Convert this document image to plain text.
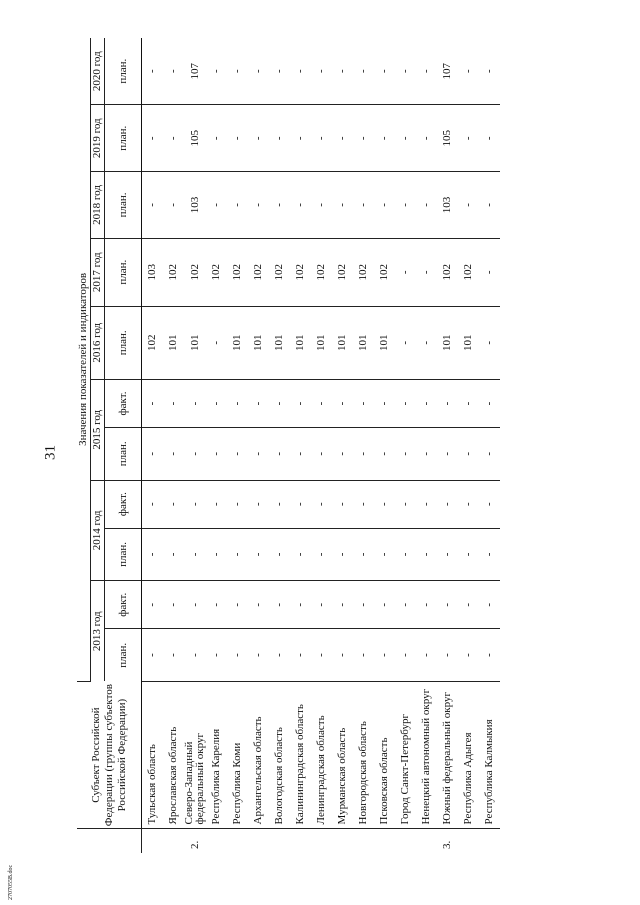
31
	Субъект Российской Федерации (группы субъектов Российской Федерации)	Значения показателей и индикаторов										
		2013 год		2014 год		2015 год		2016 год	2017 год	2018 год	2019 год	2020 год
		план.	факт.	план.	факт.	план.	факт.	план.	план.	план.	план.	план.
	Тульская область	-	-	-	-	-	-	102	103	-	-	-
	Ярославская область	-	-	-	-	-	-	101	102	-	-	-
2.	Северо-Западный федеральный округ	-	-	-	-	-	-	101	102	103	105	107
	Республика Карелия	-	-	-	-	-	-	-	102	-	-	-
	Республика Коми	-	-	-	-	-	-	101	102	-	-	-
	Архангельская область	-	-	-	-	-	-	101	102	-	-	-
	Вологодская область	-	-	-	-	-	-	101	102	-	-	-
	Калининградская область	-	-	-	-	-	-	101	102	-	-	-
	Ленинградская область	-	-	-	-	-	-	101	102	-	-	-
	Мурманская область	-	-	-	-	-	-	101	102	-	-	-
	Новгородская область	-	-	-	-	-	-	101	102	-	-	-
	Псковская область	-	-	-	-	-	-	101	102	-	-	-
	Город Санкт-Петербург	-	-	-	-	-	-	-	-	-	-	-
	Ненецкий автономный округ	-	-	-	-	-	-	-	-	-	-	-
3.	Южный федеральный округ	-	-	-	-	-	-	101	102	103	105	107
	Республика Адыгея	-	-	-	-	-	-	101	102	-	-	-
	Республика Калмыкия	-	-	-	-	-	-	-	-	-	-	-
2707055В.doc
